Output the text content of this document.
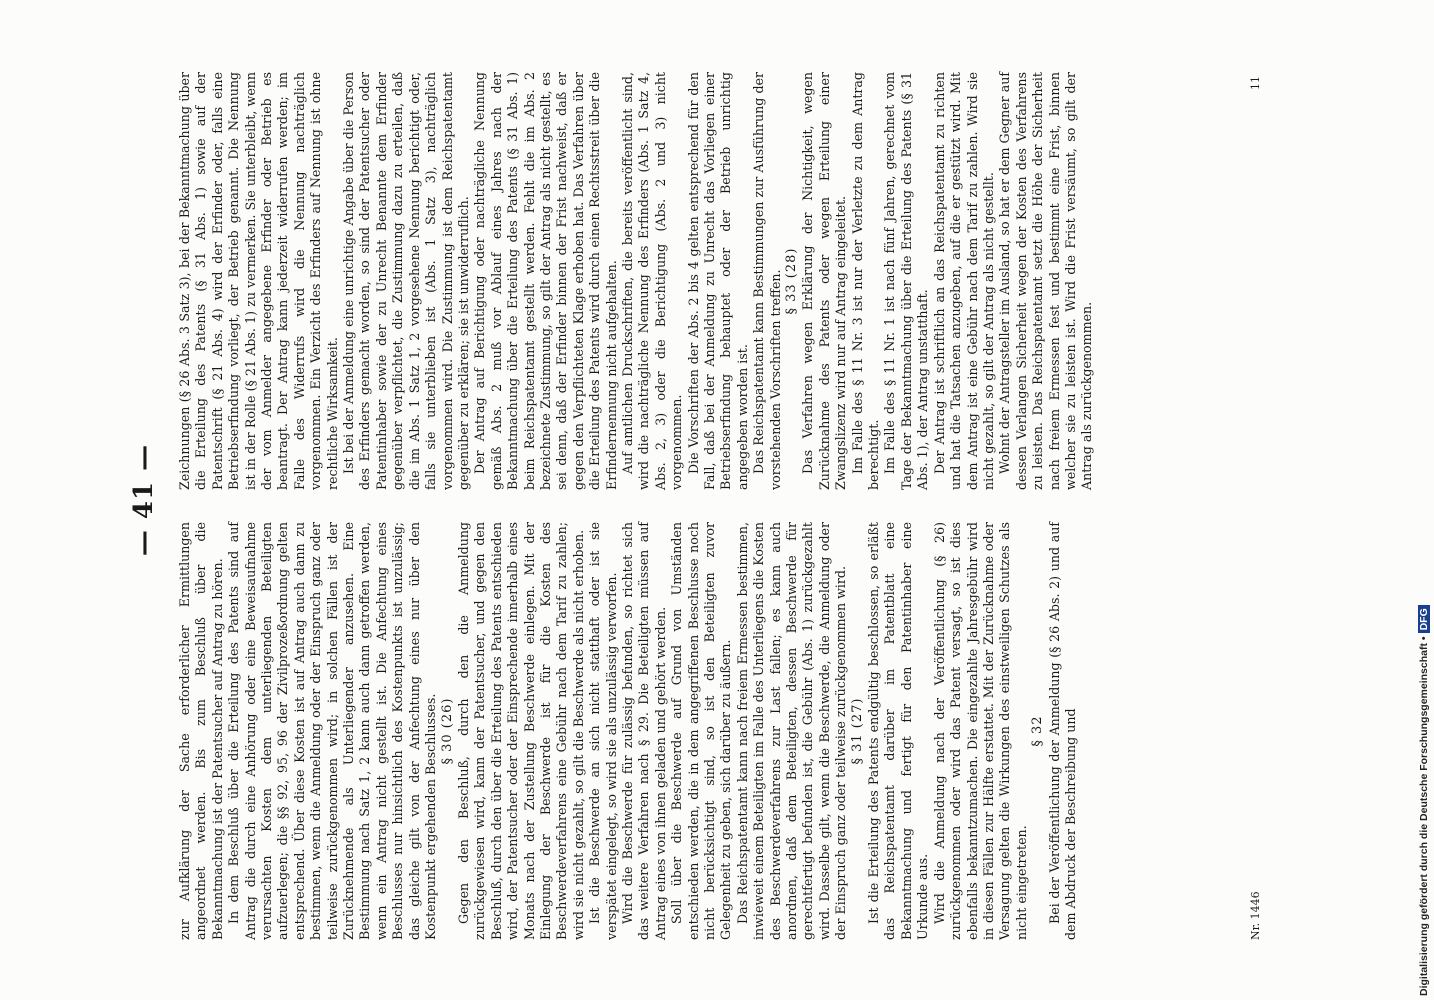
— 41 —

zur Aufklärung der Sache erforderlicher Ermittlungen angeordnet werden. Bis zum Beschluß über die Bekanntmachung ist der Patentsucher auf Antrag zu hören. In dem Beschluß über die Erteilung des Patents sind auf Antrag die durch eine Anhörung oder eine Beweisaufnahme verursachten Kosten dem unterliegenden Beteiligten aufzuerlegen; die §§ 92, 95, 96 der Zivilprozeßordnung gelten entsprechend. Über diese Kosten ist auf Antrag auch dann zu bestimmen, wenn die Anmeldung oder der Einspruch ganz oder teilweise zurückgenommen wird; in solchen Fällen ist der Zurücknehmende als Unterliegender anzusehen. Eine Bestimmung nach Satz 1, 2 kann auch dann getroffen werden, wenn ein Antrag nicht gestellt ist. Die Anfechtung eines Beschlusses nur hinsichtlich des Kostenpunkts ist unzulässig; das gleiche gilt von der Anfechtung eines nur über den Kostenpunkt ergehenden Beschlusses. § 30 (26) Gegen den Beschluß, durch den die Anmeldung zurückgewiesen wird, kann der Patentsucher, und gegen den Beschluß, durch den über die Erteilung des Patents entschieden wird, der Patentsucher oder der Einsprechende innerhalb eines Monats nach der Zustellung Beschwerde einlegen. Mit der Einlegung der Beschwerde ist für die Kosten des Beschwerdeverfahrens eine Gebühr nach dem Tarif zu zahlen; wird sie nicht gezahlt, so gilt die Beschwerde als nicht erhoben. Ist die Beschwerde an sich nicht statthaft oder ist sie verspätet eingelegt, so wird sie als unzulässig verworfen. Wird die Beschwerde für zulässig befunden, so richtet sich das weitere Verfahren nach § 29. Die Beteiligten müssen auf Antrag eines von ihnen geladen und gehört werden. Soll über die Beschwerde auf Grund von Umständen entschieden werden, die in dem angegriffenen Beschlusse noch nicht berücksichtigt sind, so ist den Beteiligten zuvor Gelegenheit zu geben, sich darüber zu äußern. Das Reichspatentamt kann nach freiem Ermessen bestimmen, inwieweit einem Beteiligten im Falle des Unterliegens die Kosten des Beschwerdeverfahrens zur Last fallen; es kann auch anordnen, daß dem Beteiligten, dessen Beschwerde für gerechtfertigt befunden ist, die Gebühr (Abs. 1) zurückgezahlt wird. Dasselbe gilt, wenn die Beschwerde, die Anmeldung oder der Einspruch ganz oder teilweise zurückgenommen wird. § 31 (27) Ist die Erteilung des Patents endgültig beschlossen, so erläßt das Reichspatentamt darüber im Patentblatt eine Bekanntmachung und fertigt für den Patentinhaber eine Urkunde aus. Wird die Anmeldung nach der Veröffentlichung (§ 26) zurückgenommen oder wird das Patent versagt, so ist dies ebenfalls bekanntzumachen. Die eingezahlte Jahresgebühr wird in diesen Fällen zur Hälfte erstattet. Mit der Zurücknahme oder Versagung gelten die Wirkungen des einstweiligen Schutzes als nicht eingetreten.

§ 32 Bei der Veröffentlichung der Anmeldung (§ 26 Abs. 2) und auf dem Abdruck der Beschreibung und

Zeichnungen (§ 26 Abs. 3 Satz 3), bei der Bekanntmachung über die Erteilung des Patents (§ 31 Abs. 1) sowie auf der Patentschrift (§ 21 Abs. 4) wird der Erfinder oder, falls eine Betriebserfindung vorliegt, der Betrieb genannt. Die Nennung ist in der Rolle (§ 21 Abs. 1) zu vermerken. Sie unterbleibt, wenn der vom Anmelder angegebene Erfinder oder Betrieb es beantragt. Der Antrag kann jederzeit widerrufen werden; im Falle des Widerrufs wird die Nennung nachträglich vorgenommen. Ein Verzicht des Erfinders auf Nennung ist ohne rechtliche Wirksamkeit. Ist bei der Anmeldung eine unrichtige Angabe über die Person des Erfinders gemacht worden, so sind der Patentsucher oder Patentinhaber sowie der zu Unrecht Benannte dem Erfinder gegenüber verpflichtet, die Zustimmung dazu zu erteilen, daß die im Abs. 1 Satz 1, 2 vorgesehene Nennung berichtigt oder, falls sie unterblieben ist (Abs. 1 Satz 3), nachträglich vorgenommen wird. Die Zustimmung ist dem Reichspatentamt gegenüber zu erklären; sie ist unwiderruflich. Der Antrag auf Berichtigung oder nachträgliche Nennung gemäß Abs. 2 muß vor Ablauf eines Jahres nach der Bekanntmachung über die Erteilung des Patents (§ 31 Abs. 1) beim Reichspatentamt gestellt werden. Fehlt die im Abs. 2 bezeichnete Zustimmung, so gilt der Antrag als nicht gestellt, es sei denn, daß der Erfinder binnen der Frist nachweist, daß er gegen den Verpflichteten Klage erhoben hat. Das Verfahren über die Erteilung des Patents wird durch einen Rechtsstreit über die Erfindernennung nicht aufgehalten. Auf amtlichen Druckschriften, die bereits veröffentlicht sind, wird die nachträgliche Nennung des Erfinders (Abs. 1 Satz 4, Abs. 2, 3) oder die Berichtigung (Abs. 2 und 3) nicht vorgenommen. Die Vorschriften der Abs. 2 bis 4 gelten entsprechend für den Fall, daß bei der Anmeldung zu Unrecht das Vorliegen einer Betriebserfindung behauptet oder der Betrieb unrichtig angegeben worden ist. Das Reichspatentamt kann Bestimmungen zur Ausführung der vorstehenden Vorschriften treffen. § 33 (28) Das Verfahren wegen Erklärung der Nichtigkeit, wegen Zurücknahme des Patents oder wegen Erteilung einer Zwangslizenz wird nur auf Antrag eingeleitet. Im Falle des § 11 Nr. 3 ist nur der Verletzte zu dem Antrag berechtigt. Im Falle des § 11 Nr. 1 ist nach fünf Jahren, gerechnet vom Tage der Bekanntmachung über die Erteilung des Patents (§ 31 Abs. 1), der Antrag unstatthaft. Der Antrag ist schriftlich an das Reichspatentamt zu richten und hat die Tatsachen anzugeben, auf die er gestützt wird. Mit dem Antrag ist eine Gebühr nach dem Tarif zu zahlen. Wird sie nicht gezahlt, so gilt der Antrag als nicht gestellt. Wohnt der Antragsteller im Ausland, so hat er dem Gegner auf dessen Verlangen Sicherheit wegen der Kosten des Verfahrens zu leisten. Das Reichspatentamt setzt die Höhe der Sicherheit nach freiem Ermessen fest und bestimmt eine Frist, binnen welcher sie zu leisten ist. Wird die Frist versäumt, so gilt der Antrag als zurückgenommen.

Nr. 1446
11
Digitalisierung gefördert durch die Deutsche Forschungsgemeinschaft •DFG
